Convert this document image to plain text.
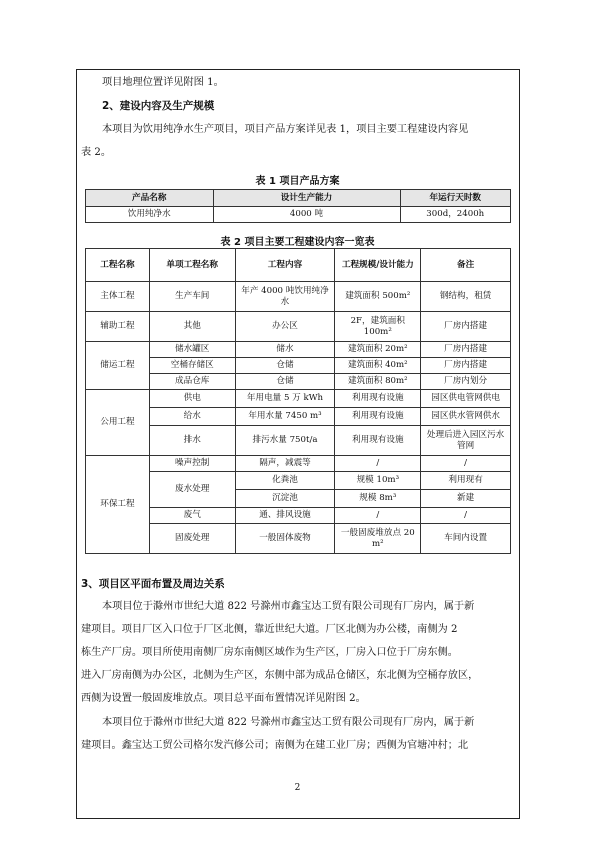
项目地理位置详见附图 1。
2、建设内容及生产规模
本项目为饮用纯净水生产项目，项目产品方案详见表 1，项目主要工程建设内容见
表 2。
表 1 项目产品方案
产品名称	设计生产能力	年运行天时数
饮用纯净水	4000 吨	300d，2400h
表 2 项目主要工程建设内容一览表
工程名称	单项工程名称	工程内容	工程规模/设计能力	备注
主体工程	生产车间	年产 4000 吨饮用纯净水	建筑面积 500m²	钢结构，租赁
辅助工程	其他	办公区	2F，建筑面积 100m²	厂房内搭建
储运工程	储水罐区	储水	建筑面积 20m²	厂房内搭建
	空桶存储区	仓储	建筑面积 40m²	厂房内搭建
	成品仓库	仓储	建筑面积 80m²	厂房内划分
公用工程	供电	年用电量 5 万 kWh	利用现有设施	园区供电管网供电
	给水	年用水量 7450 m³	利用现有设施	园区供水管网供水
	排水	排污水量 750t/a	利用现有设施	处理后进入园区污水管网
环保工程	噪声控制	隔声，减震等	/	/
	废水处理	化粪池	规模 10m³	利用现有
		沉淀池	规模 8m³	新建
	废气	通、排风设施	/	/
	固废处理	一般固体废物	一般固废堆放点 20 m²	车间内设置
3、项目区平面布置及周边关系
本项目位于滁州市世纪大道 822 号滁州市鑫宝达工贸有限公司现有厂房内，属于新
建项目。项目厂区入口位于厂区北侧，靠近世纪大道。厂区北侧为办公楼，南侧为 2
栋生产厂房。项目所使用南侧厂房东南侧区域作为生产区，厂房入口位于厂房东侧。
进入厂房南侧为办公区，北侧为生产区，东侧中部为成品仓储区，东北侧为空桶存放区，
西侧为设置一般固废堆放点。项目总平面布置情况详见附图 2。
本项目位于滁州市世纪大道 822 号滁州市鑫宝达工贸有限公司现有厂房内，属于新
建项目。鑫宝达工贸公司格尔发汽修公司；南侧为在建工业厂房；西侧为官塘冲村；北
2
